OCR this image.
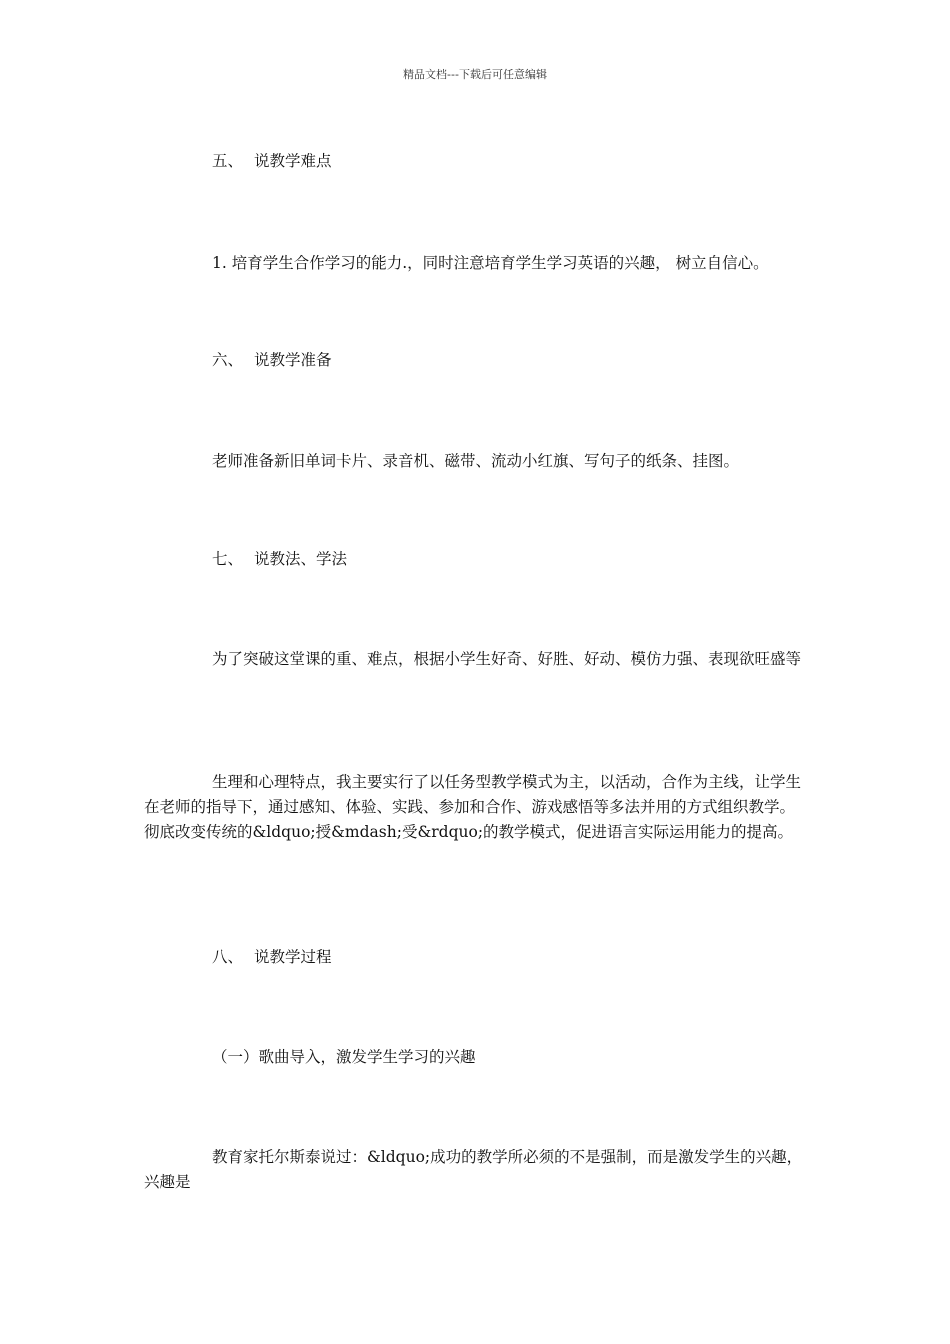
精品文档---下载后可任意编辑
五、 说教学难点
1. 培育学生合作学习的能力.，同时注意培育学生学习英语的兴趣， 树立自信心。
六、 说教学准备
老师准备新旧单词卡片、录音机、磁带、流动小红旗、写句子的纸条、挂图。
七、 说教法、学法
为了突破这堂课的重、难点，根据小学生好奇、好胜、好动、模仿力强、表现欲旺盛等
生理和心理特点，我主要实行了以任务型教学模式为主，以活动，合作为主线，让学生在老师的指导下，通过感知、体验、实践、参加和合作、游戏感悟等多法并用的方式组织教学。彻底改变传统的&ldquo;授&mdash;受&rdquo;的教学模式，促进语言实际运用能力的提高。
八、 说教学过程
（一）歌曲导入，激发学生学习的兴趣
教育家托尔斯泰说过：&ldquo;成功的教学所必须的不是强制，而是激发学生的兴趣，兴趣是
